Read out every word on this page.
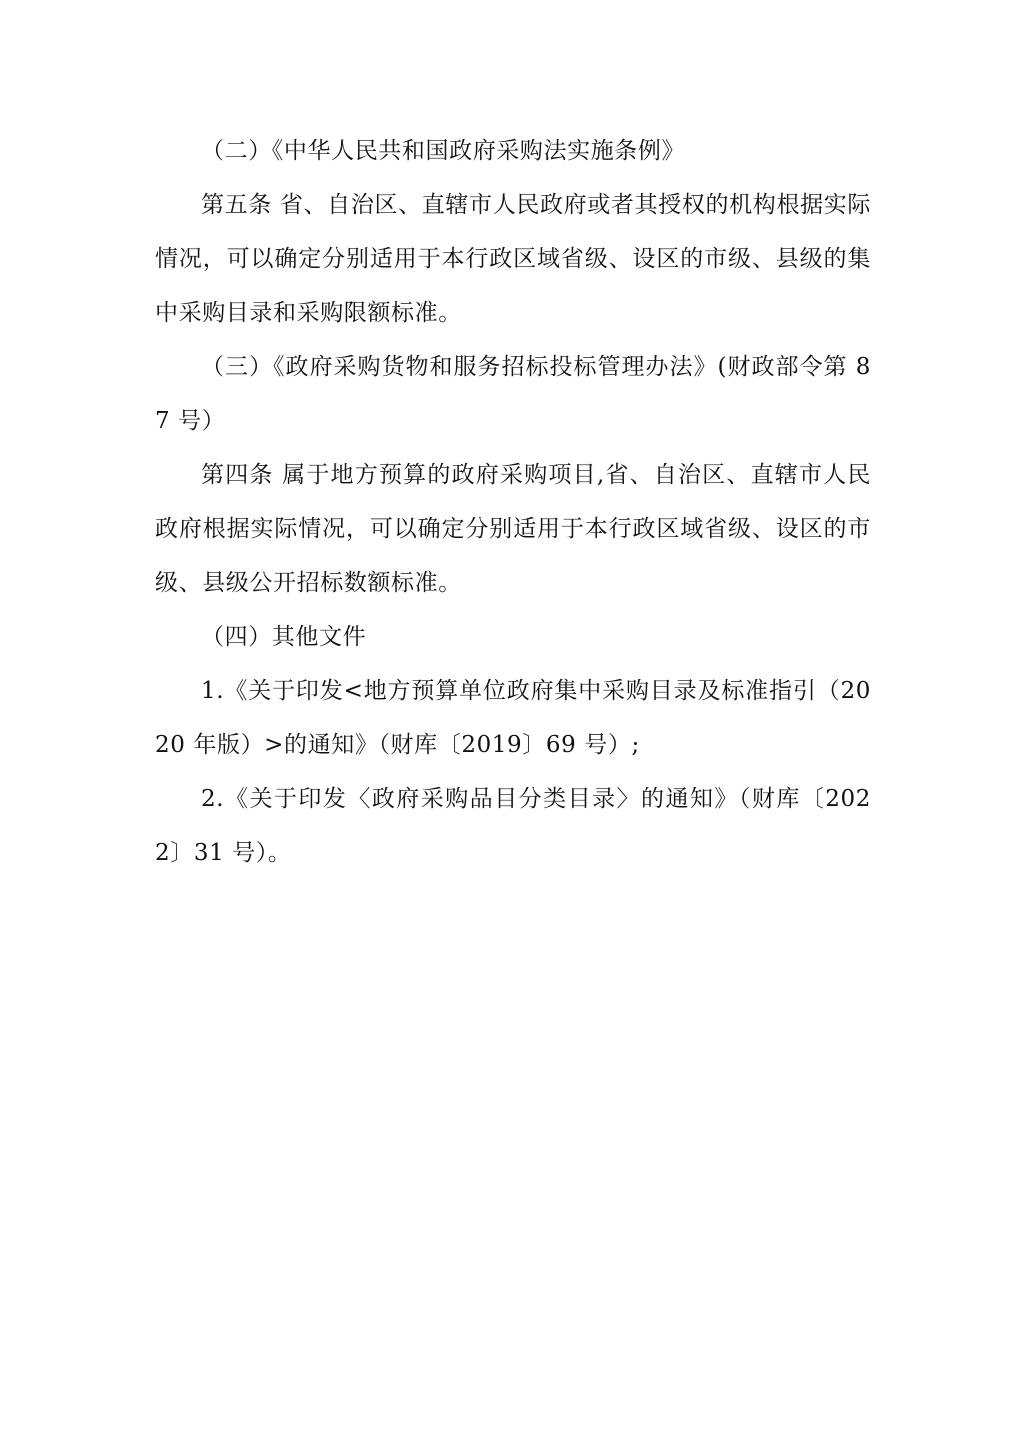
（二）《中华人民共和国政府采购法实施条例》

第五条 省、自治区、直辖市人民政府或者其授权的机构根据实际情况，可以确定分别适用于本行政区域省级、设区的市级、县级的集中采购目录和采购限额标准。

（三）《政府采购货物和服务招标投标管理办法》(财政部令第 87 号）

第四条 属于地方预算的政府采购项目,省、自治区、直辖市人民政府根据实际情况，可以确定分别适用于本行政区域省级、设区的市级、县级公开招标数额标准。

（四）其他文件

1.《关于印发<地方预算单位政府集中采购目录及标准指引（2020 年版）>的通知》（财库〔2019〕69 号）;

2.《关于印发〈政府采购品目分类目录〉的通知》（财库〔2022〕31 号）。
